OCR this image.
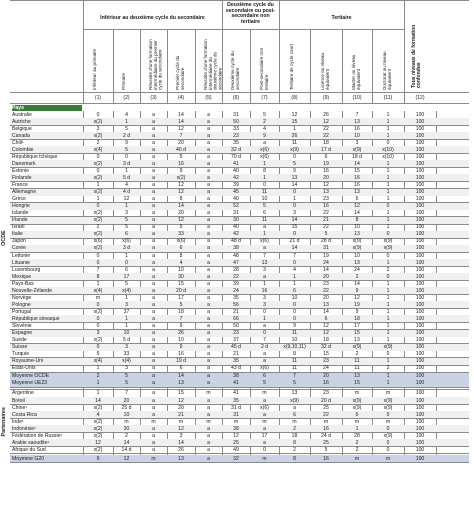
Inférieur au deuxième cycle du secondaire
Deuxième cycle du secondaire ou post-secondaire non tertiaire
Tertiaire
Tous niveaux de formation confondus
Inférieur au primaire	Primaire	Réussite d'une formation intermédiaire du premier cycle du secondaire	Premier cycle du secondaire	Réussite d'une formation intermédiaire du deuxième cycle du secondaire Deuxième cycle du secondaire	Post-secondaire non tertiaire	Tertiaire de cycle court	Licence ou niveau équivalent	Master ou niveau équivalent	Doctorat ou niveau équivalent
(1)	(2)	(3)	(4)	(5)	(6)	(7)	(8)	(9)	(10)	(11)	(12)
Pays
Australie	0	4	a	14	a	31	5	12	26	7	1	100
Autriche	x(2)	1	a	14	a	50	2	15	12	13	1	100
Belgique	3	5	a	12	a	33	4	1	22	16	1	100
Canada	x(2)	2 d	a	7	a	23	9	26	22	10	1	100
Chili¹	2	9	a	20	a	35	a	11	18	3	0	100
Colombie	x(4)	5	a	40 d	a	32 d	x(6)	x(9)	17 d	x(9)	x(10)	100
République tchèque	0	0	a	5	a	70 d	x(6)	0	6	18 d	x(10)	100
Danemark	x(2)	3 d	a	16	a	41	1	5	19	14	1	100
Estonie	0	1	a	9	a	40	8	9	16	15	1	100
Finlande	x(2)	5 d	a	x(2)	a	42	1	13	20	16	1	100
France	1	4	a	12	a	39	0	14	12	16	1	100
Allemagne	x(2)	4 d	a	12	a	45	11	0	13	13	1	100
Grèce	1	12	a	8	a	40	10	1	23	6	1	100
Hongrie	0	1	a	14	a	52	5	0	16	12	0	100
Islande	x(2)	3	a	20	a	31	6	3	22	14	1	100
Irlande	x(2)	5	a	12	a	30	11	14	21	8	1	100
Israël	2	5	a	5	a	40	a	15	22	10	1	100
Italie	x(2)	6	a	33	a	42	1	0	5	13	0	100
Japon	x(6)	x(6)	a	x(6)	a	48 d	x(6)	21 d	28 d	x(9)	x(9)	100
Corée	x(2)	3 d	a	6	a	38	a	14	31	x(9)	x(9)	100
Lettonie	0	1	a	8	a	48	7	7	19	10	0	100
Lituanie	0	0	a	4	a	47	13	0	24	13	1	100
Luxembourg	7	6	a	10	a	28	3	4	14	24	2	100
Mexique	8	17	a	30	a	22	a	1	20	2	0	100
Pays-Bas	1	5	a	15	a	39	1	1	23	14	1	100
Nouvelle-Zélande	x(4)	x(4)	a	20 d	a	24	16	6	22	9	1	100
Norvège	m	1	a	17	a	35	3	10	20	12	1	100
Pologne	0	3	a	5	a	56	3	0	13	19	1	100
Portugal	x(2)	37	a	18	a	21	0	0	14	9	1	100
République slovaque	0	1	a	7	a	66	1	0	6	18	1	100
Slovénie	0	1	a	9	a	50	a	9	12	17	1	100
Espagne	3	10	a	26	a	23	0	11	12	15	1	100
Suède	x(2)	5 d	a	10	a	37	7	10	18	13	1	100
Suisse	0	3	a	9	a	45 d	2 d	x(9,10,11)	32 d	x(9)	x(9)	100
Turquie	5	33	a	16	a	21	a	8	15	2	0	100
Royaume-Uni	x(4)	x(4)	a	19 d	a	35	a	11	23	11	1	100
États-Unis	1	3	a	6	a	43 d	x(6)	11	24	11	2	100
Moyenne OCDE	2	5	a	14	a	38	6	7	20	13	1	100
Moyenne UE23	1	5	a	13	a	41	5	5	16	15	1	100
Argentine	1	7	a	15	m	41	m	13	23	m	m	100
Brésil	14	20	a	12	a	35	a	x(9)	20 d	x(9)	x(9)	100
Chine¹	x(2)	25 d	a	20	a	31 d	x(6)	a	25	x(9)	x(9)	100
Costa Rica	4	10	a	21	a	31	a	6	22	6	0	100
Inde¹	x(2)	m	m	m	m	m	m	m	m	m	m	100
Indonésie¹	x(2)	30	a	12	a	38	a	2	16	1	0	100
Fédération de Russie¹	x(2)	2	a	3	a	12	17	18	24 d	28	x(9)	100
Arabie saoudite¹	12	14	a	14	a	25	a	8	25	2	0	100
Afrique du Sud	x(2)	14 d	a	26	a	49	0	2	5	2	0	100
Moyenne G20	9	12	m	13	a	32	m	8	16	m	m	100
OCDE
Partenaires
